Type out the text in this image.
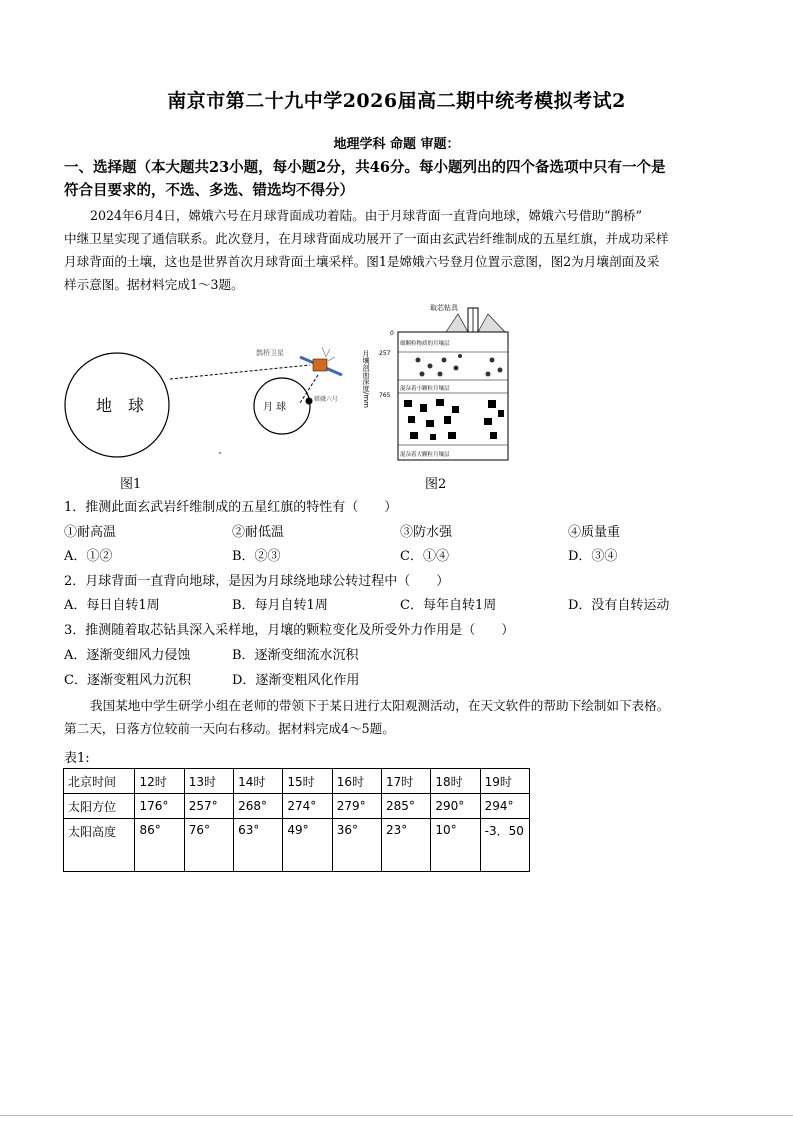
南京市第二十九中学2026届高二期中统考模拟考试2
地理学科 命题 审题：
一、选择题（本大题共23小题，每小题2分，共46分。每小题列出的四个备选项中只有一个是
符合目要求的，不选、多选、错选均不得分）
2024年6月4日，嫦娥六号在月球背面成功着陆。由于月球背面一直背向地球，嫦娥六号借助“鹊桥”
中继卫星实现了通信联系。此次登月，在月球背面成功展开了一面由玄武岩纤维制成的五星红旗，并成功采样
月球背面的土壤，这也是世界首次月球背面土壤采样。图1是嫦娥六号登月位置示意图，图2为月壤剖面及采
样示意图。据材料完成1～3题。
地　球	月 球
嫦娥六号
鹊桥卫星
图1
取芯钻具
0
257
765
细颗粒物质的月壤层
混杂着小颗粒月壤层
混杂着大颗粒月壤层
月壤剖面深度/mm
图2
1．推测此面玄武岩纤维制成的五星红旗的特性有（　　）
①耐高温	②耐低温	③防水强	④质量重
A．①②	B．②③	C．①④	D．③④
2．月球背面一直背向地球，是因为月球绕地球公转过程中（　　）
A．每日自转1周	B．每月自转1周	C．每年自转1周	D．没有自转运动
3．推测随着取芯钻具深入采样地，月壤的颗粒变化及所受外力作用是（　　）
A．逐渐变细风力侵蚀	B．逐渐变细流水沉积
C．逐渐变粗风力沉积	D．逐渐变粗风化作用
我国某地中学生研学小组在老师的带领下于某日进行太阳观测活动，在天文软件的帮助下绘制如下表格。
第二天，日落方位较前一天向右移动。据材料完成4～5题。
表1:
北京时间	12时	13时	14时	15时	16时	17时	18时	19时
太阳方位	176°	257°	268°	274°	279°	285°	290°	294°
太阳高度	86°	76°	63°	49°	36°	23°	10°	-3．50
